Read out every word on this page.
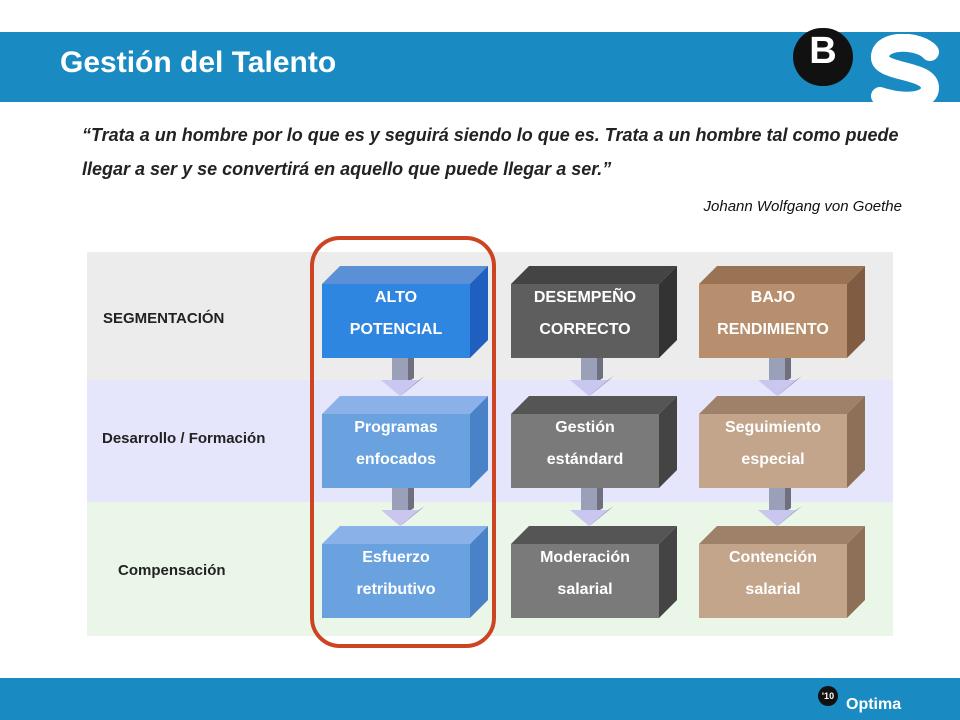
Gestión del Talento	B
“Trata a un hombre por lo que es y seguirá siendo lo que es. Trata a un hombre tal como puede llegar a ser y se convertirá en aquello que puede llegar a ser.”
Johann Wolfgang von Goethe
SEGMENTACIÓN
Desarrollo / Formación
Compensación
ALTO
POTENCIAL
Programas
enfocados
Esfuerzo
retributivo
DESEMPEÑO
CORRECTO
Gestión
estándard
Moderación
salarial
BAJO
RENDIMIENTO
Seguimiento
especial
Contención
salarial
'10 Optima
